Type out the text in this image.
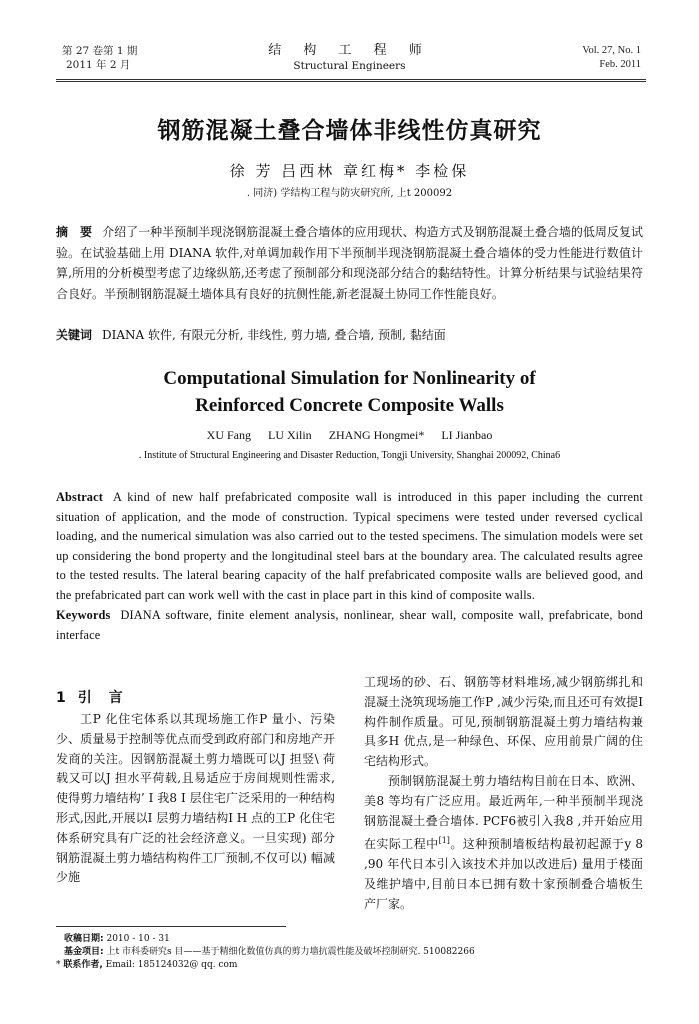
第 27 卷第 1 期
2011 年 2 月
结 构 工 程 师
Structural Engineers
Vol. 27, No. 1
Feb. 2011
钢筋混凝土叠合墙体非线性仿真研究
徐 芳 吕西林 章红梅* 李检保
. 同济) 学结构工程与防灾研究所, 上t 200092
摘　要 介绍了一种半预制半现浇钢筋混凝土叠合墙体的应用现状、构造方式及钢筋混凝土叠合墙的低周反复试验。在试验基础上用 DIANA 软件,对单调加载作用下半预制半现浇钢筋混凝土叠合墙体的受力性能进行数值计算,所用的分析模型考虑了边缘纵筋,还考虑了预制部分和现浇部分结合的黏结特性。计算分析结果与试验结果符合良好。半预制钢筋混凝土墙体具有良好的抗侧性能,新老混凝土协同工作性能良好。
关键词 DIANA 软件, 有限元分析, 非线性, 剪力墙, 叠合墙, 预制, 黏结面
Computational Simulation for Nonlinearity of
Reinforced Concrete Composite Walls
XU Fang LU Xilin ZHANG Hongmei* LI Jianbao
. Institute of Structural Engineering and Disaster Reduction, Tongji University, Shanghai 200092, China6
Abstract A kind of new half prefabricated composite wall is introduced in this paper including the current situation of application, and the mode of construction. Typical specimens were tested under reversed cyclical loading, and the numerical simulation was also carried out to the tested specimens. The simulation models were set up considering the bond property and the longitudinal steel bars at the boundary area. The calculated results agree to the tested results. The lateral bearing capacity of the half prefabricated composite walls are believed good, and the prefabricated part can work well with the cast in place part in this kind of composite walls.
Keywords DIANA software, finite element analysis, nonlinear, shear wall, composite wall, prefabricate, bond interface
1 引 言

工P 化住宅体系以其现场施工作P 量小、污染少、质量易于控制等优点而受到政府部门和房地产开发商的关注。因钢筋混凝土剪力墙既可以J 担竖\ 荷载又可以J 担水平荷载,且易适应于房间规则性需求,使得剪力墙结构’ I 我8 I 层住宅广泛采用的一种结构形式,因此,开展以I 层剪力墙结构I H 点的工P 化住宅体系研究具有广泛的社会经济意义。一旦实现) 部分钢筋混凝土剪力墙结构构件工厂预制,不仅可以) 幅减少施

工现场的砂、石、钢筋等材料堆场,减少钢筋绑扎和混凝土浇筑现场施工作P ,减少污染,而且还可有效提I 构件制作质量。可见,预制钢筋混凝土剪力墙结构兼具多H 优点,是一种绿色、环保、应用前景广阔的住宅结构形式。

预制钢筋混凝土剪力墙结构目前在日本、欧洲、美8 等均有广泛应用。最近两年,一种半预制半现浇钢筋混凝土叠合墙体. PCF6被引入我8 ,并开始应用在实际工程中[1]。这种预制墙板结构最初起源于y 8 ,90 年代日本引入该技术并加以改进后) 量用于楼面及维护墙中,目前日本已拥有数十家预制叠合墙板生产厂家。

收稿日期: 2010 - 10 - 31
基金项目: 上t 市科委研究s 目——基于精细化数值仿真的剪力墙抗震性能及破坏控制研究. 510082266
* 联系作者, Email: 185124032@ qq. com
